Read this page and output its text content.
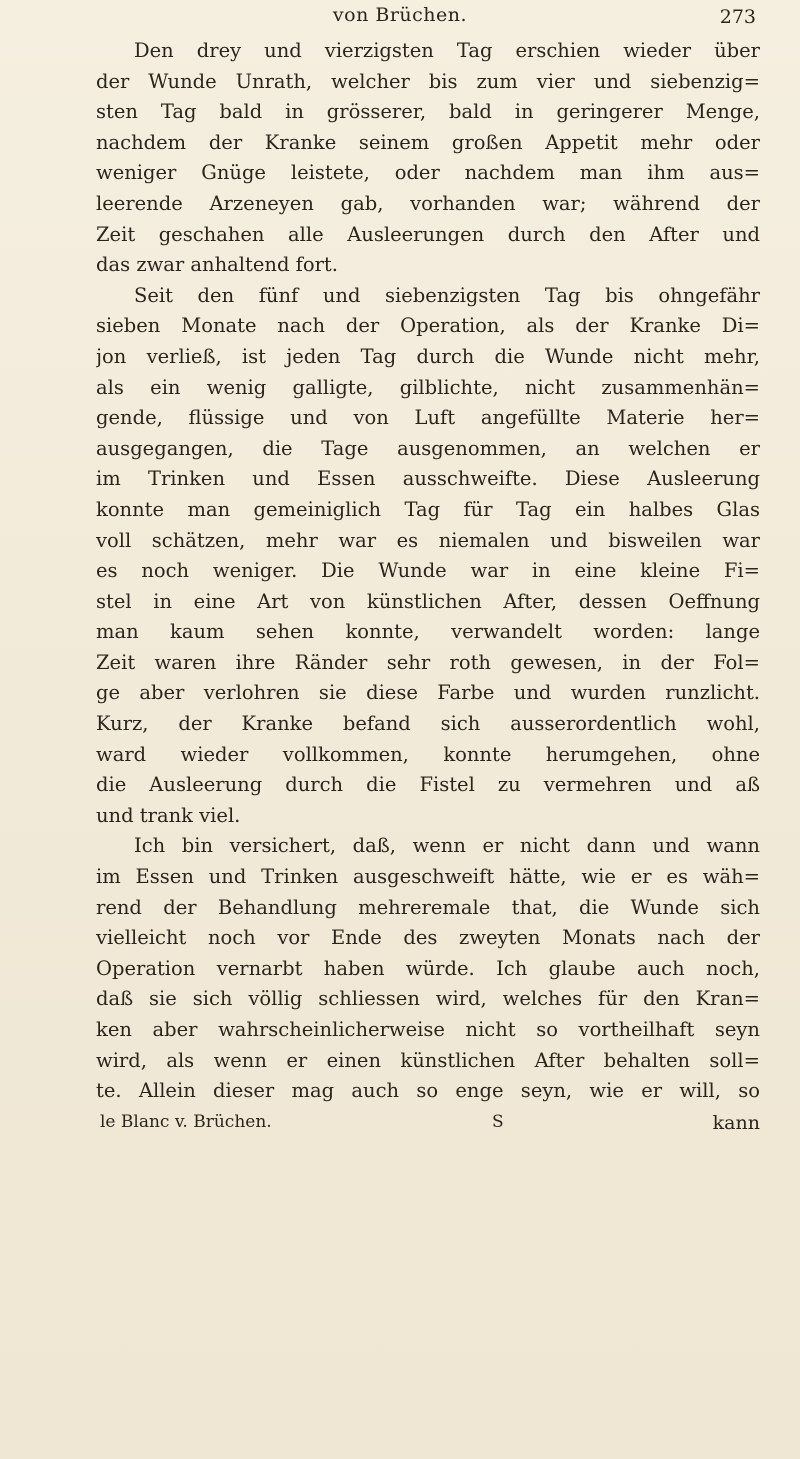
von Brüchen.	273
Den drey und vierzigsten Tag erschien wieder über
der Wunde Unrath, welcher bis zum vier und siebenzig=
sten Tag bald in grösserer, bald in geringerer Menge,
nachdem der Kranke seinem großen Appetit mehr oder
weniger Gnüge leistete, oder nachdem man ihm aus=
leerende Arzeneyen gab, vorhanden war; während der
Zeit geschahen alle Ausleerungen durch den After und
das zwar anhaltend fort.
Seit den fünf und siebenzigsten Tag bis ohngefähr
sieben Monate nach der Operation, als der Kranke Di=
jon verließ, ist jeden Tag durch die Wunde nicht mehr,
als ein wenig galligte, gilblichte, nicht zusammenhän=
gende, flüssige und von Luft angefüllte Materie her=
ausgegangen, die Tage ausgenommen, an welchen er
im Trinken und Essen ausschweifte. Diese Ausleerung
konnte man gemeiniglich Tag für Tag ein halbes Glas
voll schätzen, mehr war es niemalen und bisweilen war
es noch weniger. Die Wunde war in eine kleine Fi=
stel in eine Art von künstlichen After, dessen Oeffnung
man kaum sehen konnte, verwandelt worden: lange
Zeit waren ihre Ränder sehr roth gewesen, in der Fol=
ge aber verlohren sie diese Farbe und wurden runzlicht.
Kurz, der Kranke befand sich ausserordentlich wohl,
ward wieder vollkommen, konnte herumgehen, ohne
die Ausleerung durch die Fistel zu vermehren und aß
und trank viel.
Ich bin versichert, daß, wenn er nicht dann und wann
im Essen und Trinken ausgeschweift hätte, wie er es wäh=
rend der Behandlung mehreremale that, die Wunde sich
vielleicht noch vor Ende des zweyten Monats nach der
Operation vernarbt haben würde. Ich glaube auch noch,
daß sie sich völlig schliessen wird, welches für den Kran=
ken aber wahrscheinlicherweise nicht so vortheilhaft seyn
wird, als wenn er einen künstlichen After behalten soll=
te. Allein dieser mag auch so enge seyn, wie er will, so
le Blanc v. Brüchen.	S	kann
